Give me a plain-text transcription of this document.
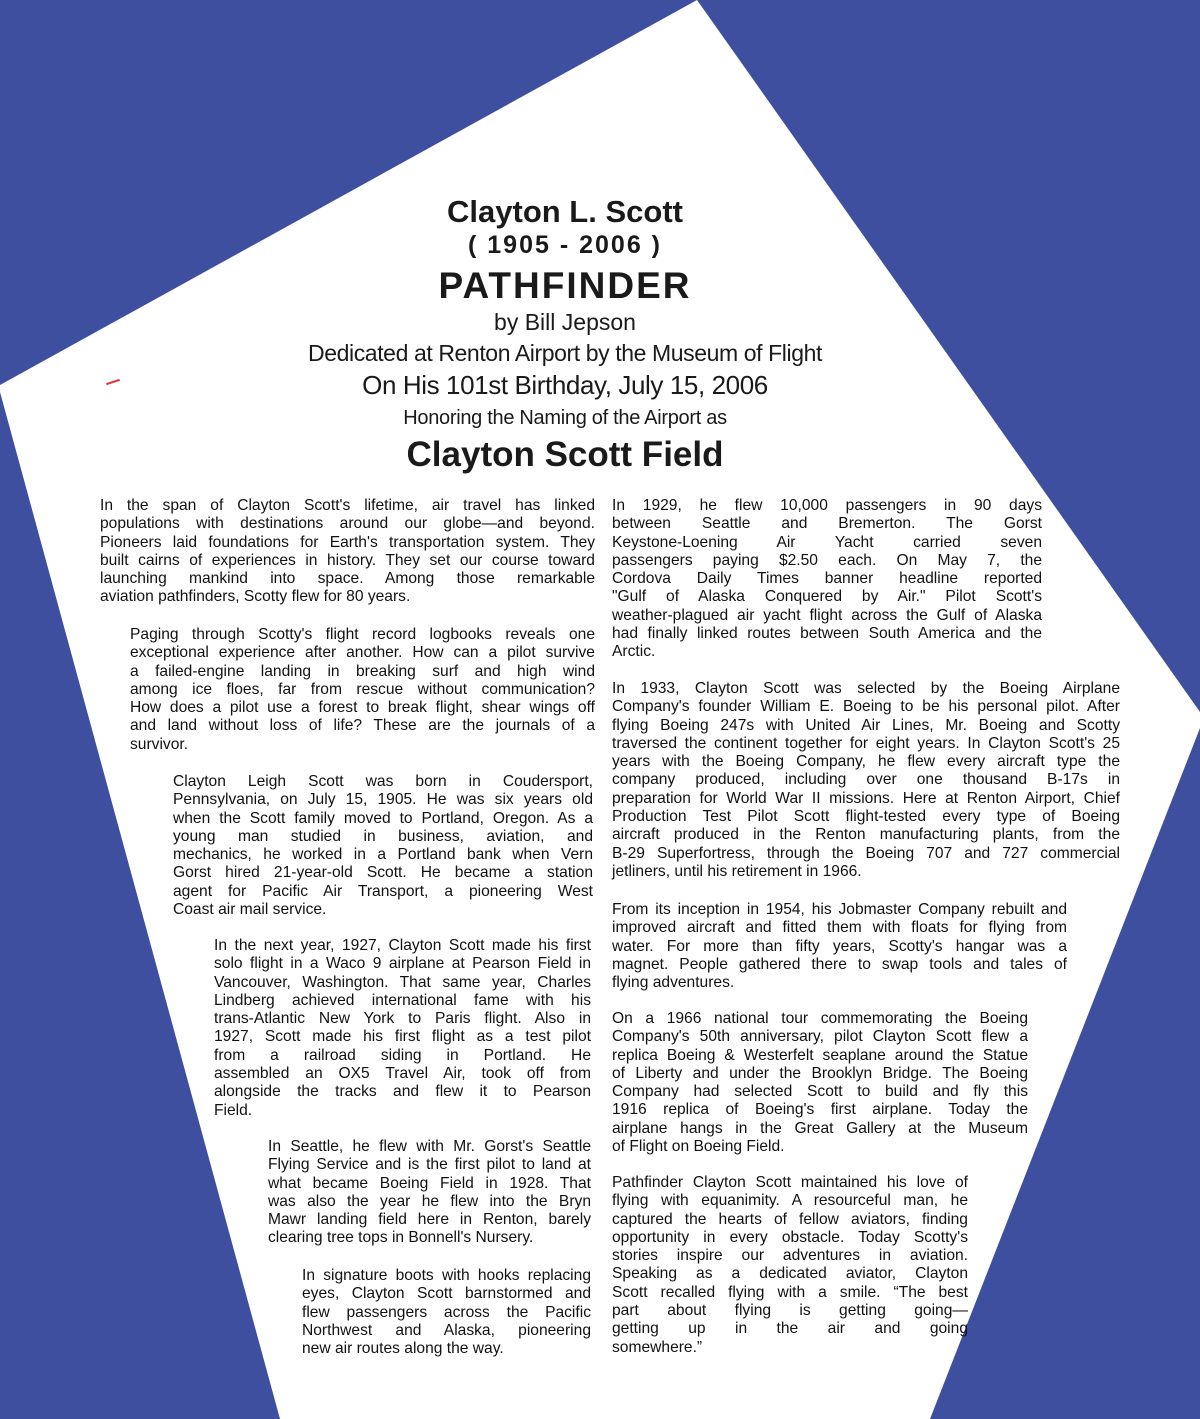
Clayton L. Scott
( 1905 - 2006 )
PATHFINDER
by Bill Jepson
Dedicated at Renton Airport by the Museum of Flight
On His 101st Birthday, July 15, 2006
Honoring the Naming of the Airport as
Clayton Scott Field
In the span of Clayton Scott's lifetime, air travel has linked
populations with destinations around our globe—and beyond.
Pioneers laid foundations for Earth's transportation system. They
built cairns of experiences in history. They set our course toward
launching mankind into space. Among those remarkable
aviation pathfinders, Scotty flew for 80 years.
Paging through Scotty's flight record logbooks reveals one
exceptional experience after another. How can a pilot survive
a failed-engine landing in breaking surf and high wind
among ice floes, far from rescue without communication?
How does a pilot use a forest to break flight, shear wings off
and land without loss of life? These are the journals of a
survivor.
Clayton Leigh Scott was born in Coudersport,
Pennsylvania, on July 15, 1905. He was six years old
when the Scott family moved to Portland, Oregon. As a
young man studied in business, aviation, and
mechanics, he worked in a Portland bank when Vern
Gorst hired 21-year-old Scott. He became a station
agent for Pacific Air Transport, a pioneering West
Coast air mail service.
In the next year, 1927, Clayton Scott made his first
solo flight in a Waco 9 airplane at Pearson Field in
Vancouver, Washington. That same year, Charles
Lindberg achieved international fame with his
trans-Atlantic New York to Paris flight. Also in
1927, Scott made his first flight as a test pilot
from a railroad siding in Portland. He
assembled an OX5 Travel Air, took off from
alongside the tracks and flew it to Pearson
Field.
In Seattle, he flew with Mr. Gorst's Seattle
Flying Service and is the first pilot to land at
what became Boeing Field in 1928. That
was also the year he flew into the Bryn
Mawr landing field here in Renton, barely
clearing tree tops in Bonnell's Nursery.
In signature boots with hooks replacing
eyes, Clayton Scott barnstormed and
flew passengers across the Pacific
Northwest and Alaska, pioneering
new air routes along the way.
In 1929, he flew 10,000 passengers in 90 days
between Seattle and Bremerton. The Gorst
Keystone-Loening Air Yacht carried seven
passengers paying $2.50 each. On May 7, the
Cordova Daily Times banner headline reported
"Gulf of Alaska Conquered by Air." Pilot Scott's
weather-plagued air yacht flight across the Gulf of Alaska
had finally linked routes between South America and the
Arctic.
In 1933, Clayton Scott was selected by the Boeing Airplane
Company's founder William E. Boeing to be his personal pilot. After
flying Boeing 247s with United Air Lines, Mr. Boeing and Scotty
traversed the continent together for eight years. In Clayton Scott's 25
years with the Boeing Company, he flew every aircraft type the
company produced, including over one thousand B-17s in
preparation for World War II missions. Here at Renton Airport, Chief
Production Test Pilot Scott flight-tested every type of Boeing
aircraft produced in the Renton manufacturing plants, from the
B-29 Superfortress, through the Boeing 707 and 727 commercial
jetliners, until his retirement in 1966.
From its inception in 1954, his Jobmaster Company rebuilt and
improved aircraft and fitted them with floats for flying from
water. For more than fifty years, Scotty's hangar was a
magnet. People gathered there to swap tools and tales of
flying adventures.
On a 1966 national tour commemorating the Boeing
Company's 50th anniversary, pilot Clayton Scott flew a
replica Boeing & Westerfelt seaplane around the Statue
of Liberty and under the Brooklyn Bridge. The Boeing
Company had selected Scott to build and fly this
1916 replica of Boeing's first airplane. Today the
airplane hangs in the Great Gallery at the Museum
of Flight on Boeing Field.
Pathfinder Clayton Scott maintained his love of
flying with equanimity. A resourceful man, he
captured the hearts of fellow aviators, finding
opportunity in every obstacle. Today Scotty's
stories inspire our adventures in aviation.
Speaking as a dedicated aviator, Clayton
Scott recalled flying with a smile. “The best
part about flying is getting going—
getting up in the air and going
somewhere.”
